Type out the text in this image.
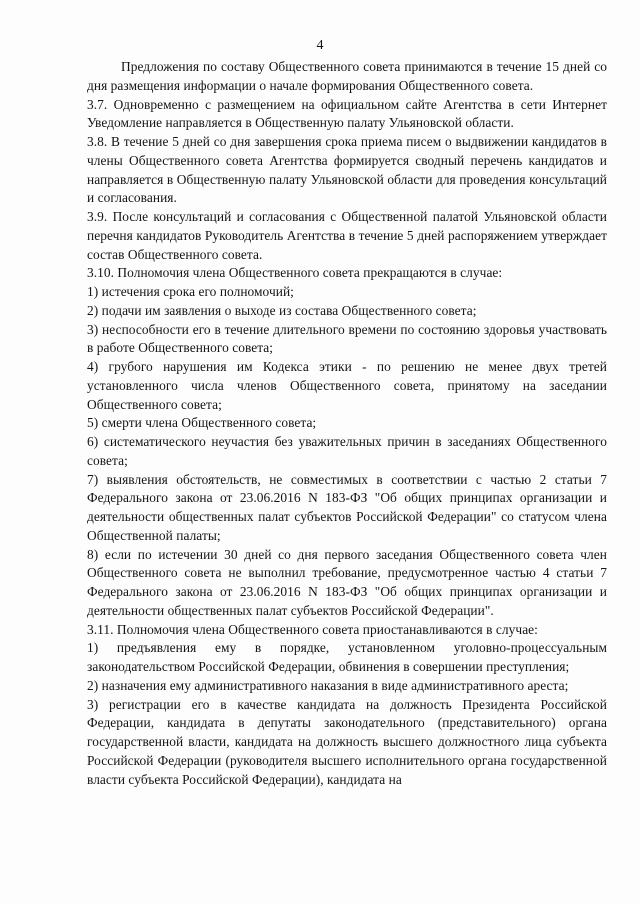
4

Предложения по составу Общественного совета принимаются в течение 15 дней со дня размещения информации о начале формирования Общественного совета.

3.7. Одновременно с размещением на официальном сайте Агентства в сети Интернет Уведомление направляется в Общественную палату Ульяновской области.

3.8. В течение 5 дней со дня завершения срока приема писем о выдвижении кандидатов в члены Общественного совета Агентства формируется сводный перечень кандидатов и направляется в Общественную палату Ульяновской области для проведения консультаций и согласования.

3.9. После консультаций и согласования с Общественной палатой Ульяновской области перечня кандидатов Руководитель Агентства в течение 5 дней распоряжением утверждает состав Общественного совета.

3.10. Полномочия члена Общественного совета прекращаются в случае:

1) истечения срока его полномочий;

2) подачи им заявления о выходе из состава Общественного совета;

3) неспособности его в течение длительного времени по состоянию здоровья участвовать в работе Общественного совета;

4) грубого нарушения им Кодекса этики - по решению не менее двух третей установленного числа членов Общественного совета, принятому на заседании Общественного совета;

5) смерти члена Общественного совета;

6) систематического неучастия без уважительных причин в заседаниях Общественного совета;

7) выявления обстоятельств, не совместимых в соответствии с частью 2 статьи 7 Федерального закона от 23.06.2016 N 183-ФЗ "Об общих принципах организации и деятельности общественных палат субъектов Российской Федерации" со статусом члена Общественной палаты;

8) если по истечении 30 дней со дня первого заседания Общественного совета член Общественного совета не выполнил требование, предусмотренное частью 4 статьи 7 Федерального закона от 23.06.2016 N 183-ФЗ "Об общих принципах организации и деятельности общественных палат субъектов Российской Федерации".

3.11. Полномочия члена Общественного совета приостанавливаются в случае:

1) предъявления ему в порядке, установленном уголовно-процессуальным законодательством Российской Федерации, обвинения в совершении преступления;

2) назначения ему административного наказания в виде административного ареста;

3) регистрации его в качестве кандидата на должность Президента Российской Федерации, кандидата в депутаты законодательного (представительного) органа государственной власти, кандидата на должность высшего должностного лица субъекта Российской Федерации (руководителя высшего исполнительного органа государственной власти субъекта Российской Федерации), кандидата на
